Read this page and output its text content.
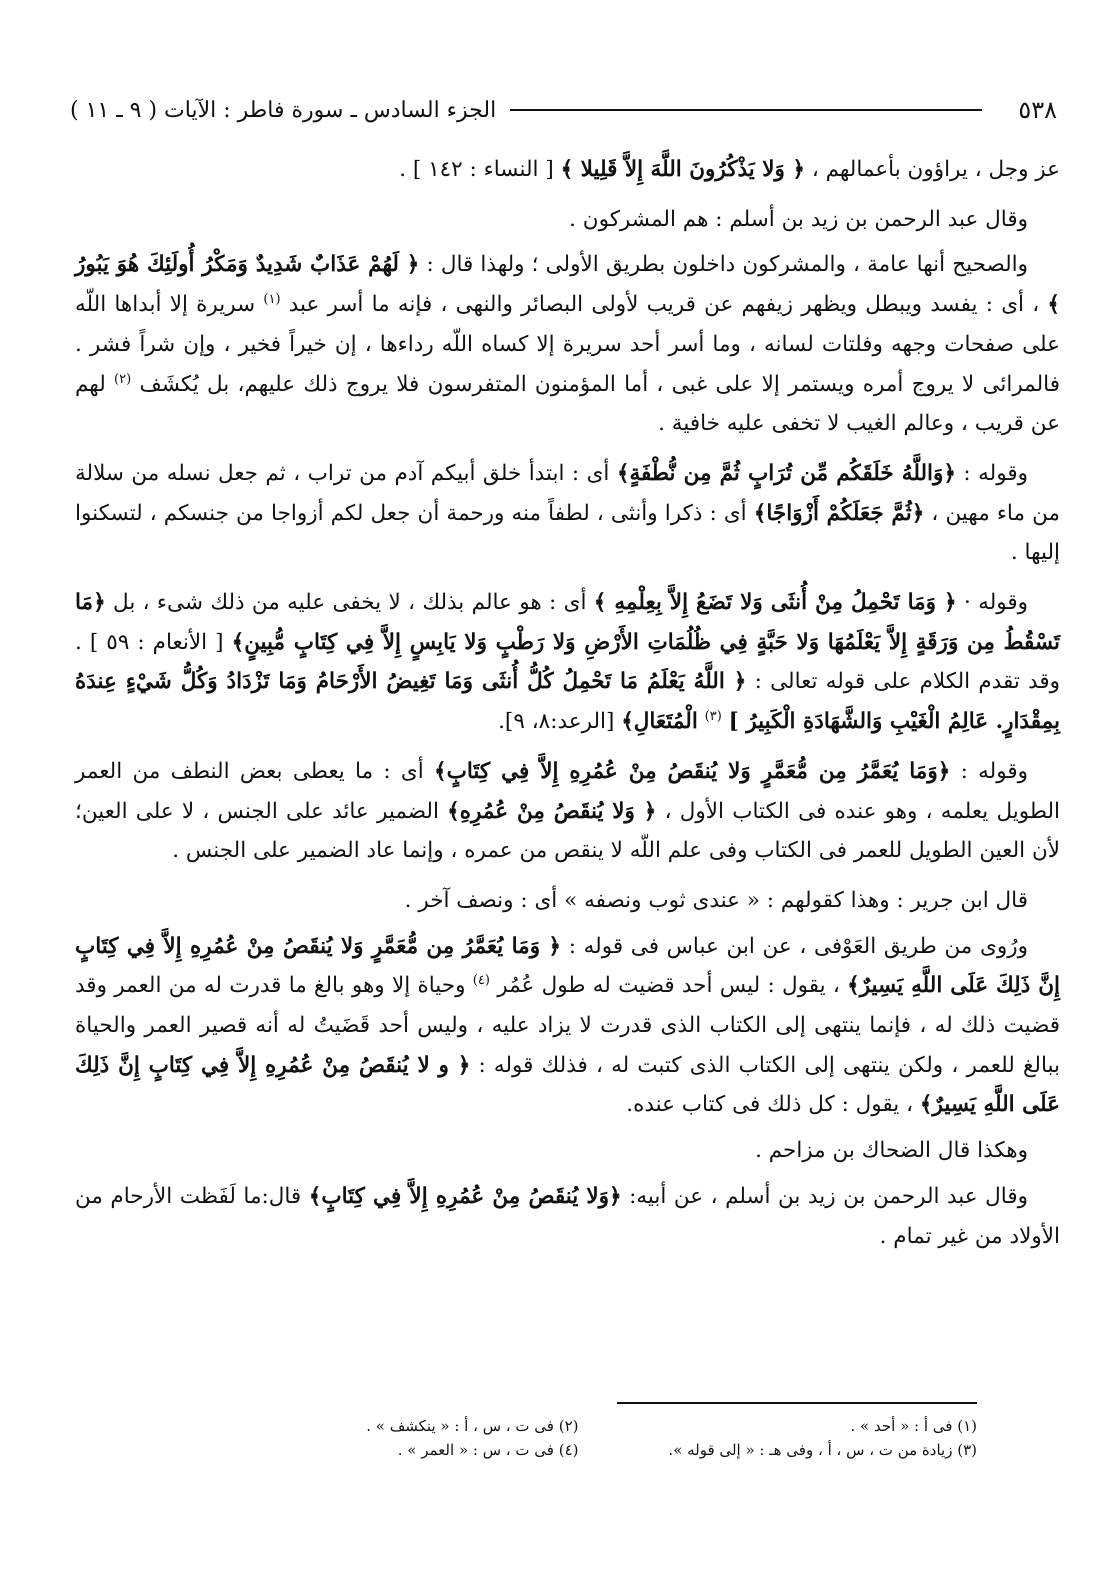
٥٣٨
الجزء السادس ـ سورة فاطر : الآيات ( ٩ ـ ١١ )

عز وجل ، يراؤون بأعمالهم ، ﴿ وَلا يَذْكُرُونَ اللَّهَ إِلاَّ قَلِيلا ﴾ [ النساء : ١٤٢ ] .

وقال عبد الرحمن بن زيد بن أسلم : هم المشركون .

والصحيح أنها عامة ، والمشركون داخلون بطريق الأولى ؛ ولهذا قال : ﴿ لَهُمْ عَذَابٌ شَدِيدٌ وَمَكْرُ أُولَئِكَ هُوَ يَبُورُ ﴾ ، أى : يفسد ويبطل ويظهر زيفهم عن قريب لأولى البصائر والنهى ، فإنه ما أسر عبد $^{(١)}$ سريرة إلا أبداها اللّه على صفحات وجهه وفلتات لسانه ، وما أسر أحد سريرة إلا كساه اللّه رداءها ، إن خيراً فخير ، وإن شراً فشر . فالمرائى لا يروج أمره ويستمر إلا على غبى ، أما المؤمنون المتفرسون فلا يروج ذلك عليهم، بل يُكشَف $^{(٢)}$ لهم عن قريب ، وعالم الغيب لا تخفى عليه خافية .

وقوله : ﴿وَاللَّهُ خَلَقَكُم مِّن تُرَابٍ ثُمَّ مِن نُّطْفَةٍ﴾ أى : ابتدأ خلق أبيكم آدم من تراب ، ثم جعل نسله من سلالة من ماء مهين ، ﴿ثُمَّ جَعَلَكُمْ أَزْوَاجًا﴾ أى : ذكرا وأنثى ، لطفاً منه ورحمة أن جعل لكم أزواجا من جنسكم ، لتسكنوا إليها .

وقوله · ﴿ وَمَا تَحْمِلُ مِنْ أُنثَى وَلا تَضَعُ إِلاَّ بِعِلْمِهِ ﴾ أى : هو عالم بذلك ، لا يخفى عليه من ذلك شىء ، بل ﴿مَا تَسْقُطُ مِن وَرَقَةٍ إِلاَّ يَعْلَمُهَا وَلا حَبَّةٍ فِي ظُلُمَاتِ الأَرْضِ وَلا رَطْبٍ وَلا يَابِسٍ إِلاَّ فِي كِتَابٍ مُّبِينٍ﴾ [ الأنعام : ٥٩ ] . وقد تقدم الكلام على قوله تعالى : ﴿ اللَّهُ يَعْلَمُ مَا تَحْمِلُ كُلُّ أُنثَى وَمَا تَغِيضُ الأَرْحَامُ وَمَا تَزْدَادُ وَكُلُّ شَيْءٍ عِندَهُ بِمِقْدَارٍ. عَالِمُ الْغَيْبِ وَالشَّهَادَةِ الْكَبِيرُ ] $^{(٣)}$ الْمُتَعَالِ﴾ [الرعد:٨، ٩].

وقوله : ﴿وَمَا يُعَمَّرُ مِن مُّعَمَّرٍ وَلا يُنقَصُ مِنْ عُمُرِهِ إِلاَّ فِي كِتَابٍ﴾ أى : ما يعطى بعض النطف من العمر الطويل يعلمه ، وهو عنده فى الكتاب الأول ، ﴿ وَلا يُنقَصُ مِنْ عُمُرِهِ﴾ الضمير عائد على الجنس ، لا على العين؛ لأن العين الطويل للعمر فى الكتاب وفى علم اللّه لا ينقص من عمره ، وإنما عاد الضمير على الجنس .

قال ابن جرير : وهذا كقولهم : « عندى ثوب ونصفه » أى : ونصف آخر .

ورُوى من طريق العَوْفى ، عن ابن عباس فى قوله : ﴿ وَمَا يُعَمَّرُ مِن مُّعَمَّرٍ وَلا يُنقَصُ مِنْ عُمُرِهِ إِلاَّ فِي كِتَابٍ إِنَّ ذَلِكَ عَلَى اللَّهِ يَسِيرٌ﴾ ، يقول : ليس أحد قضيت له طول عُمُر $^{(٤)}$ وحياة إلا وهو بالغ ما قدرت له من العمر وقد قضيت ذلك له ، فإنما ينتهى إلى الكتاب الذى قدرت لا يزاد عليه ، وليس أحد قَضَيتُ له أنه قصير العمر والحياة ببالغ للعمر ، ولكن ينتهى إلى الكتاب الذى كتبت له ، فذلك قوله : ﴿ و لا يُنقَصُ مِنْ عُمُرِهِ إِلاَّ فِي كِتَابٍ إِنَّ ذَلِكَ عَلَى اللَّهِ يَسِيرٌ﴾ ، يقول : كل ذلك فى كتاب عنده.

وهكذا قال الضحاك بن مزاحم .

وقال عبد الرحمن بن زيد بن أسلم ، عن أبيه: ﴿وَلا يُنقَصُ مِنْ عُمُرِهِ إِلاَّ فِي كِتَابٍ﴾ قال:ما لَفَظت الأرحام من الأولاد من غير تمام .

(١) فى أ : « أحد » .
(٢) فى ت ، س ، أ : « ينكشف » .
(٣) زيادة من ت ، س ، أ ، وفى هـ : « إلى قوله ».
(٤) فى ت ، س : « العمر » .
